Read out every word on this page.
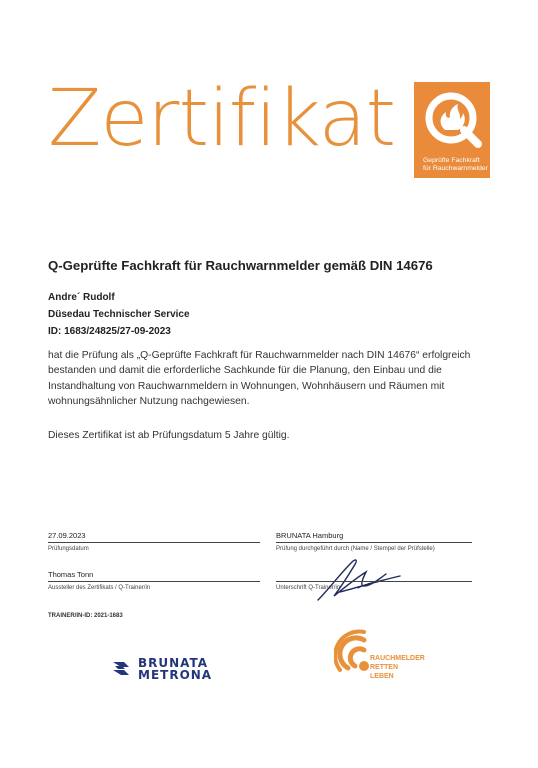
Zertifikat	Geprüfte Fachkraft
für Rauchwarnmelder
Q-Geprüfte Fachkraft für Rauchwarnmelder gemäß DIN 14676
Andre´ Rudolf
Düsedau Technischer Service
ID: 1683/24825/27-09-2023
hat die Prüfung als „Q-Geprüfte Fachkraft für Rauchwarnmelder nach DIN 14676“ erfolgreich bestanden und damit die erforderliche Sachkunde für die Planung, den Einbau und die Instandhaltung von Rauchwarnmeldern in Wohnungen, Wohnhäusern und Räumen mit wohnungsähnlicher Nutzung nachgewiesen.
Dieses Zertifikat ist ab Prüfungsdatum 5 Jahre gültig.
27.09.2023
Prüfungsdatum
BRUNATA Hamburg
Prüfung durchgeführt durch (Name / Stempel der Prüfstelle)
Thomas Tonn
Aussteller des Zertifikats / Q-Trainer/in	Unterschrift Q-Trainer/in
TRAINER/IN-ID: 2021-1683
BRUNATA
METRONA
RAUCHMELDER
RETTEN
LEBEN
